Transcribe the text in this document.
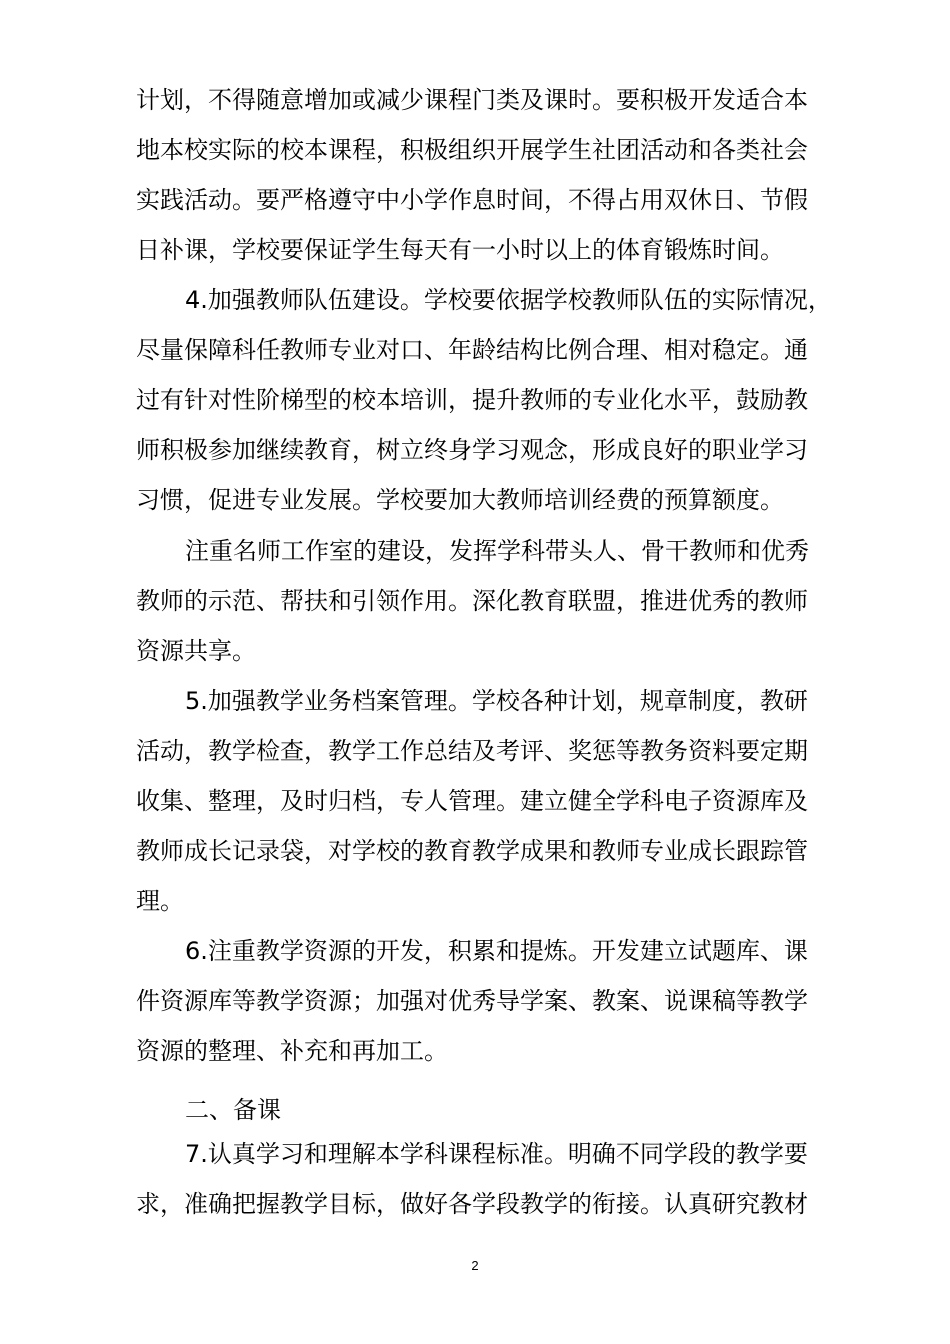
计划，不得随意增加或减少课程门类及课时。要积极开发适合本

地本校实际的校本课程，积极组织开展学生社团活动和各类社会

实践活动。要严格遵守中小学作息时间，不得占用双休日、节假

日补课，学校要保证学生每天有一小时以上的体育锻炼时间。

4.加强教师队伍建设。学校要依据学校教师队伍的实际情况，

尽量保障科任教师专业对口、年龄结构比例合理、相对稳定。通

过有针对性阶梯型的校本培训，提升教师的专业化水平，鼓励教

师积极参加继续教育，树立终身学习观念，形成良好的职业学习

习惯，促进专业发展。学校要加大教师培训经费的预算额度。

注重名师工作室的建设，发挥学科带头人、骨干教师和优秀

教师的示范、帮扶和引领作用。深化教育联盟，推进优秀的教师

资源共享。

5.加强教学业务档案管理。学校各种计划，规章制度，教研

活动，教学检查，教学工作总结及考评、奖惩等教务资料要定期

收集、整理，及时归档，专人管理。建立健全学科电子资源库及

教师成长记录袋，对学校的教育教学成果和教师专业成长跟踪管

理。

6.注重教学资源的开发，积累和提炼。开发建立试题库、课

件资源库等教学资源；加强对优秀导学案、教案、说课稿等教学

资源的整理、补充和再加工。

二、备课

7.认真学习和理解本学科课程标准。明确不同学段的教学要

求，准确把握教学目标，做好各学段教学的衔接。认真研究教材

2
